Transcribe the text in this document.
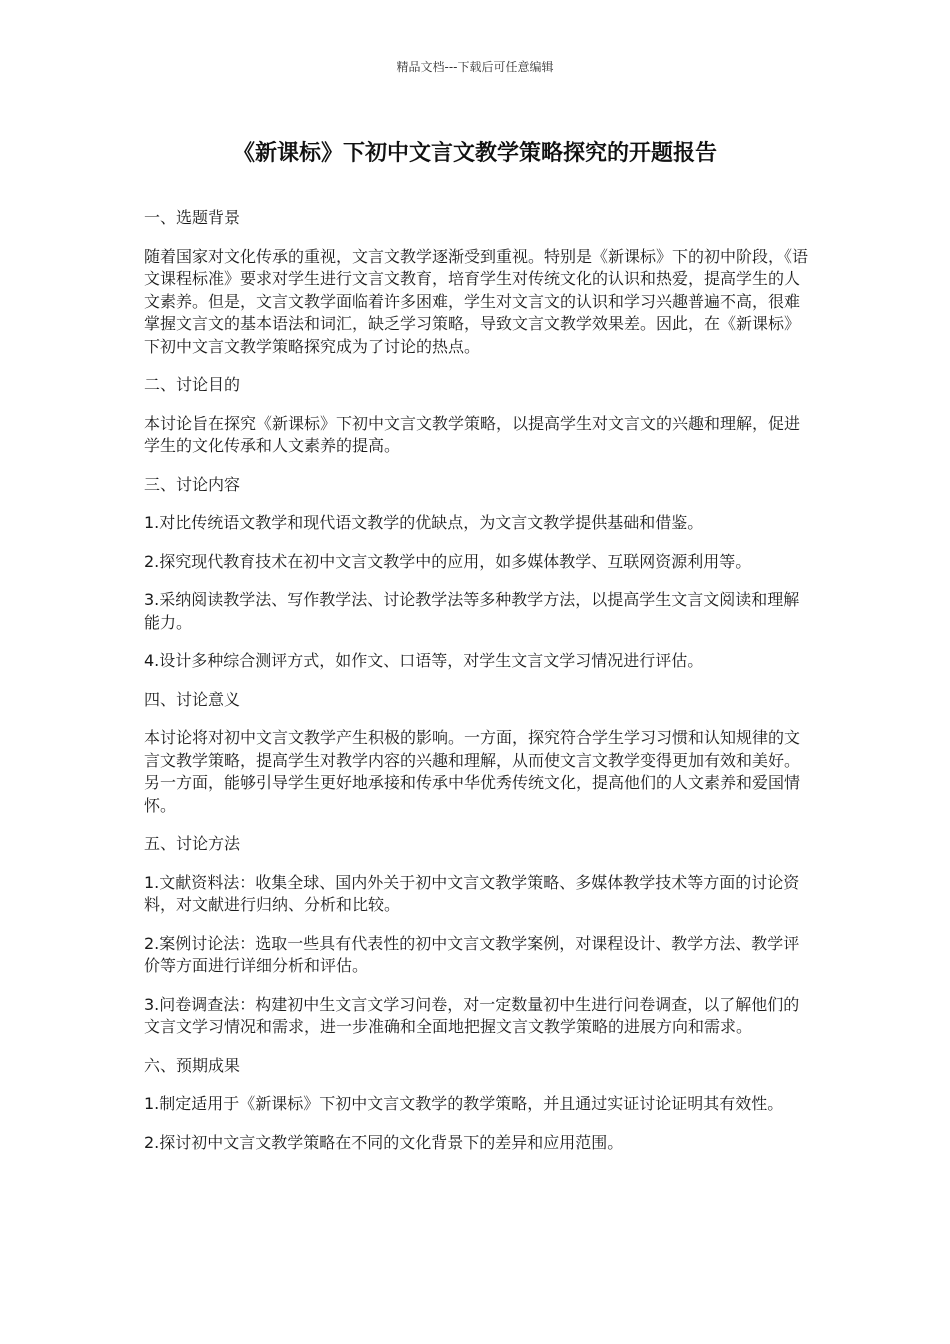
精品文档---下载后可任意编辑
《新课标》下初中文言文教学策略探究的开题报告

一、选题背景

随着国家对文化传承的重视，文言文教学逐渐受到重视。特别是《新课标》下的初中阶段，《语文课程标准》要求对学生进行文言文教育，培育学生对传统文化的认识和热爱，提高学生的人文素养。但是，文言文教学面临着许多困难，学生对文言文的认识和学习兴趣普遍不高，很难掌握文言文的基本语法和词汇，缺乏学习策略，导致文言文教学效果差。因此，在《新课标》下初中文言文教学策略探究成为了讨论的热点。

二、讨论目的

本讨论旨在探究《新课标》下初中文言文教学策略，以提高学生对文言文的兴趣和理解，促进学生的文化传承和人文素养的提高。

三、讨论内容

1.对比传统语文教学和现代语文教学的优缺点，为文言文教学提供基础和借鉴。

2.探究现代教育技术在初中文言文教学中的应用，如多媒体教学、互联网资源利用等。

3.采纳阅读教学法、写作教学法、讨论教学法等多种教学方法，以提高学生文言文阅读和理解能力。

4.设计多种综合测评方式，如作文、口语等，对学生文言文学习情况进行评估。

四、讨论意义

本讨论将对初中文言文教学产生积极的影响。一方面，探究符合学生学习习惯和认知规律的文言文教学策略，提高学生对教学内容的兴趣和理解，从而使文言文教学变得更加有效和美好。另一方面，能够引导学生更好地承接和传承中华优秀传统文化，提高他们的人文素养和爱国情怀。

五、讨论方法

1.文献资料法：收集全球、国内外关于初中文言文教学策略、多媒体教学技术等方面的讨论资料，对文献进行归纳、分析和比较。

2.案例讨论法：选取一些具有代表性的初中文言文教学案例，对课程设计、教学方法、教学评价等方面进行详细分析和评估。

3.问卷调查法：构建初中生文言文学习问卷，对一定数量初中生进行问卷调查，以了解他们的文言文学习情况和需求，进一步准确和全面地把握文言文教学策略的进展方向和需求。

六、预期成果

1.制定适用于《新课标》下初中文言文教学的教学策略，并且通过实证讨论证明其有效性。

2.探讨初中文言文教学策略在不同的文化背景下的差异和应用范围。
